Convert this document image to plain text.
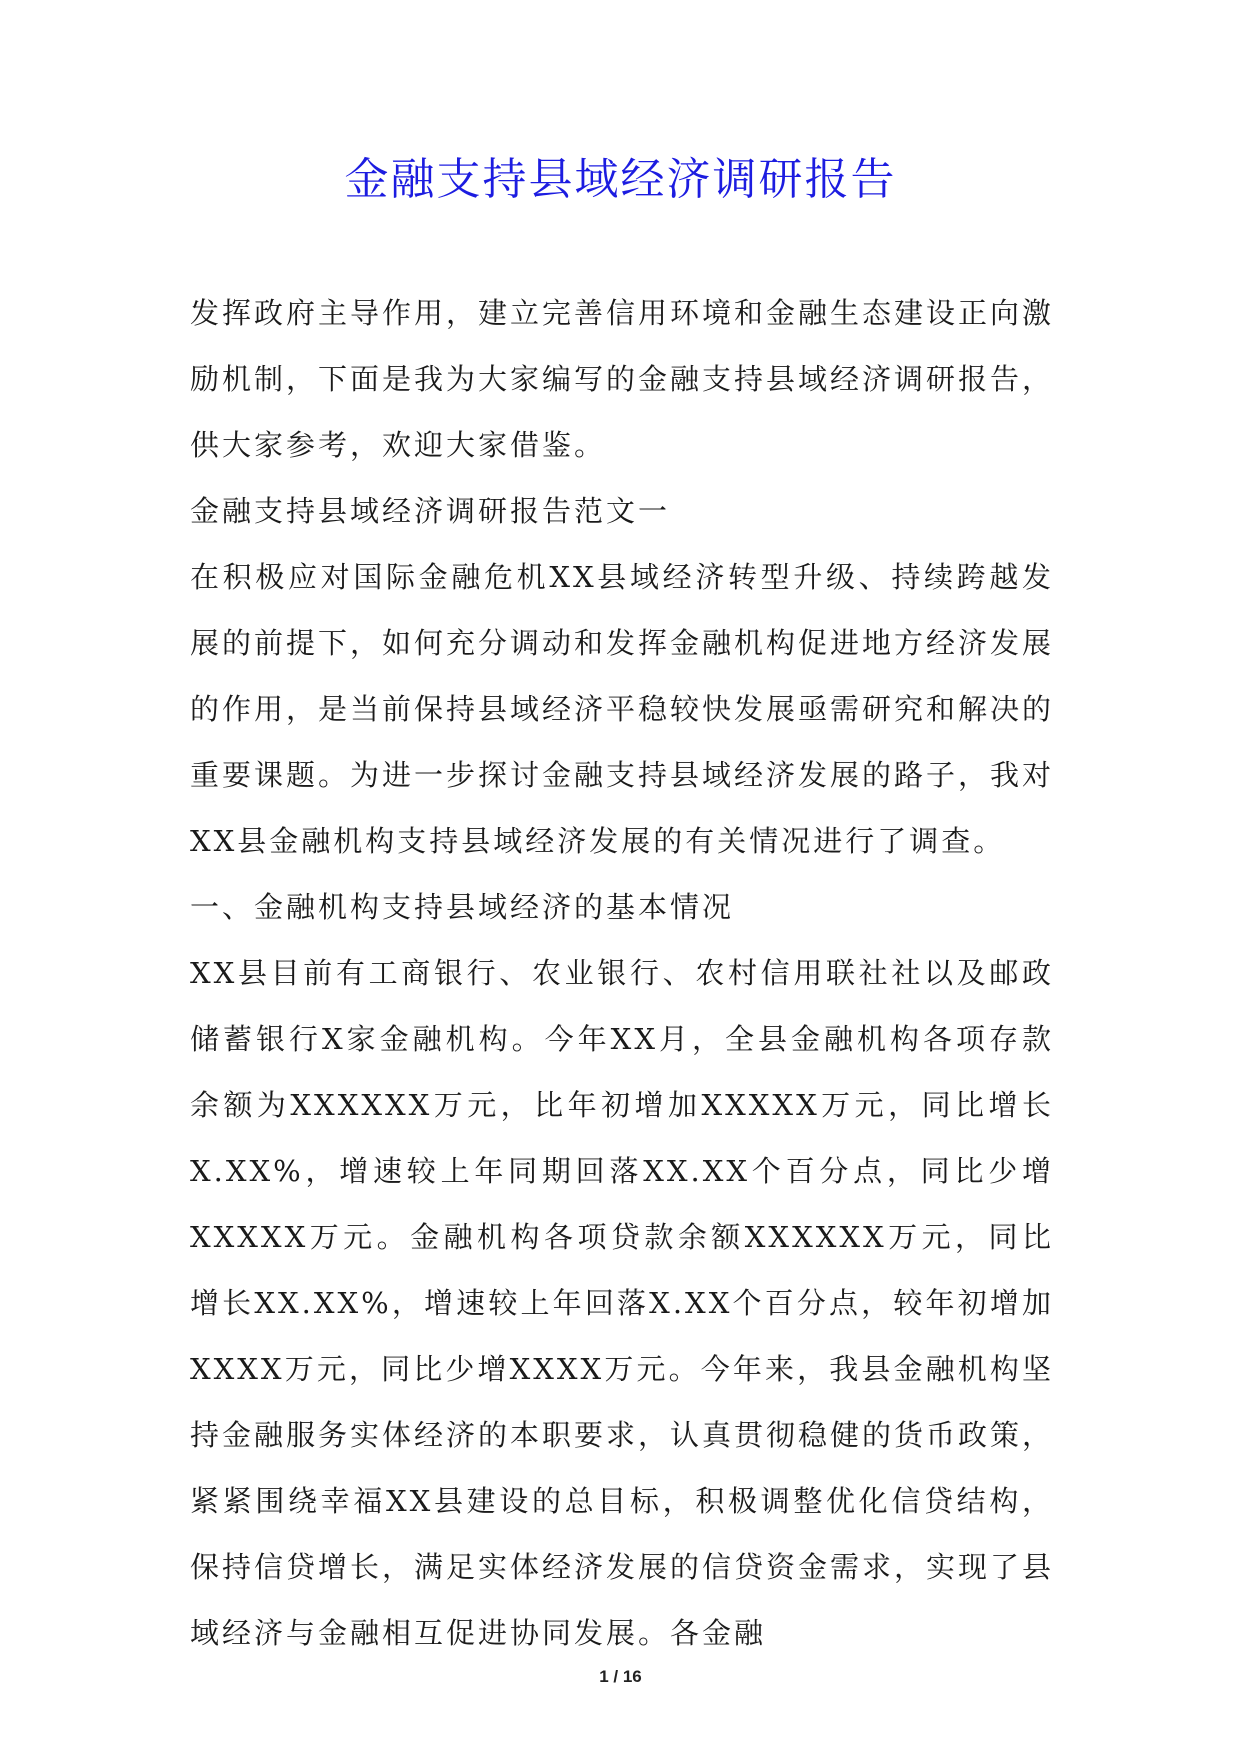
金融支持县域经济调研报告

发挥政府主导作用，建立完善信用环境和金融生态建设正向激励机制，下面是我为大家编写的金融支持县域经济调研报告，供大家参考，欢迎大家借鉴。

金融支持县域经济调研报告范文一

在积极应对国际金融危机XX县域经济转型升级、持续跨越发展的前提下，如何充分调动和发挥金融机构促进地方经济发展的作用，是当前保持县域经济平稳较快发展亟需研究和解决的重要课题。为进一步探讨金融支持县域经济发展的路子，我对XX县金融机构支持县域经济发展的有关情况进行了调查。

一、金融机构支持县域经济的基本情况

XX县目前有工商银行、农业银行、农村信用联社社以及邮政储蓄银行X家金融机构。今年XX月，全县金融机构各项存款余额为XXXXXX万元，比年初增加XXXXX万元，同比增长X.XX%，增速较上年同期回落XX.XX个百分点，同比少增XXXXX万元。金融机构各项贷款余额XXXXXX万元，同比增长XX.XX%，增速较上年回落X.XX个百分点，较年初增加XXXX万元，同比少增XXXX万元。今年来，我县金融机构坚持金融服务实体经济的本职要求，认真贯彻稳健的货币政策，紧紧围绕幸福XX县建设的总目标，积极调整优化信贷结构，保持信贷增长，满足实体经济发展的信贷资金需求，实现了县域经济与金融相互促进协同发展。各金融

1 / 16
